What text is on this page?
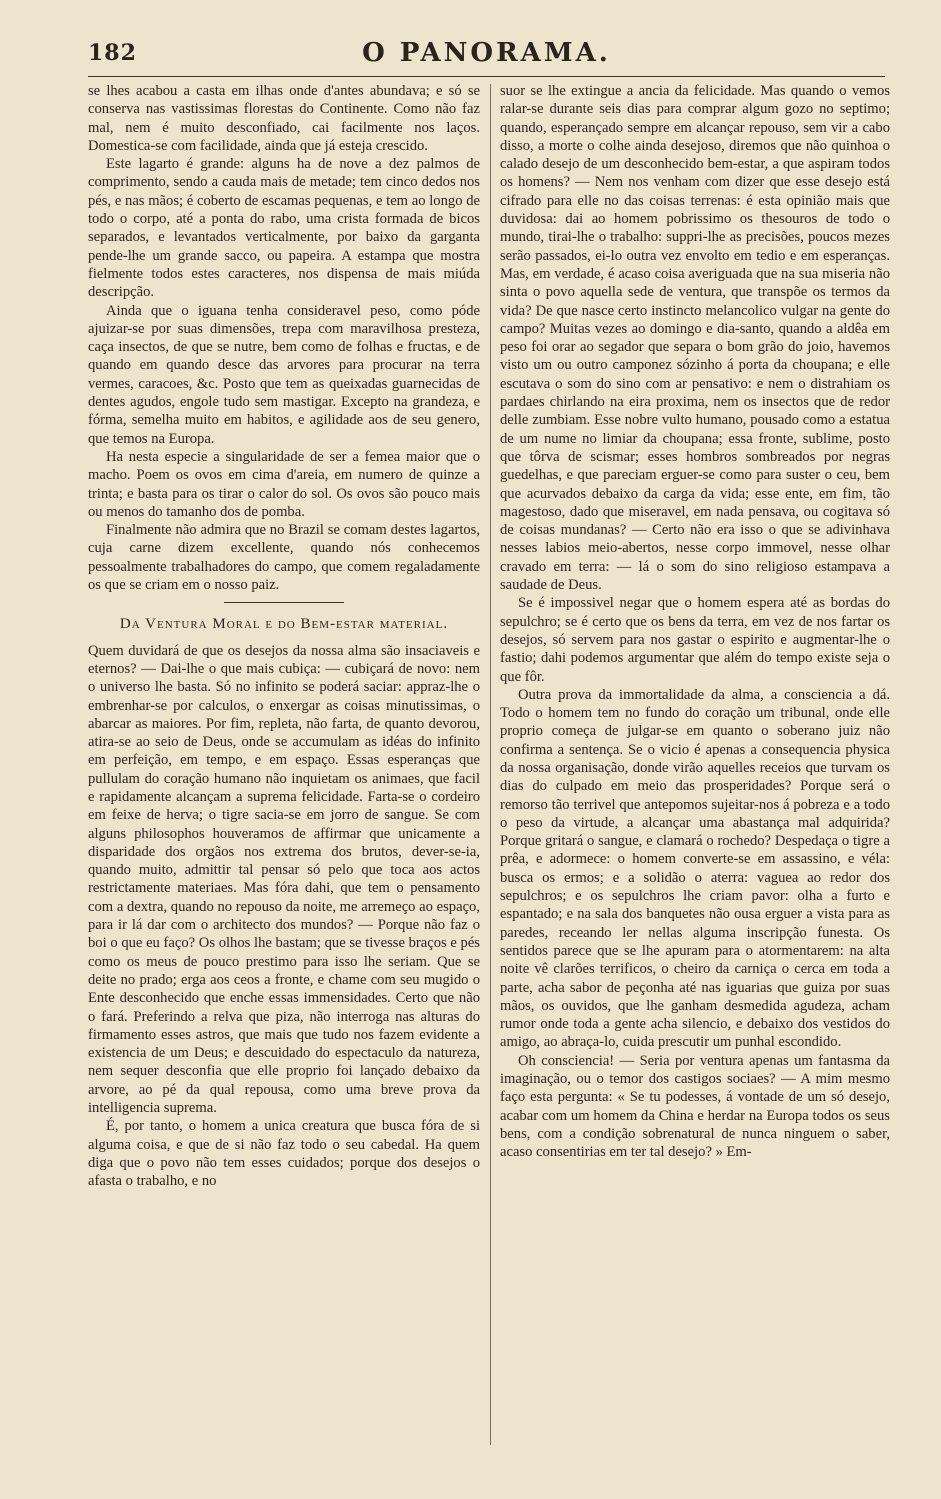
182	O PANORAMA.

se lhes acabou a casta em ilhas onde d'antes abundava; e só se conserva nas vastissimas florestas do Continente. Como não faz mal, nem é muito desconfiado, cai facilmente nos laços. Domestica-se com facilidade, ainda que já esteja crescido.

Este lagarto é grande: alguns ha de nove a dez palmos de comprimento, sendo a cauda mais de metade; tem cinco dedos nos pés, e nas mãos; é coberto de escamas pequenas, e tem ao longo de todo o corpo, até a ponta do rabo, uma crista formada de bicos separados, e levantados verticalmente, por baixo da garganta pende-lhe um grande sacco, ou papeira. A estampa que mostra fielmente todos estes caracteres, nos dispensa de mais miúda descripção.

Ainda que o iguana tenha consideravel peso, como póde ajuizar-se por suas dimensões, trepa com maravilhosa presteza, caça insectos, de que se nutre, bem como de folhas e fructas, e de quando em quando desce das arvores para procurar na terra vermes, caracoes, &c. Posto que tem as queixadas guarnecidas de dentes agudos, engole tudo sem mastigar. Excepto na grandeza, e fórma, semelha muito em habitos, e agilidade aos de seu genero, que temos na Europa.

Ha nesta especie a singularidade de ser a femea maior que o macho. Poem os ovos em cima d'areia, em numero de quinze a trinta; e basta para os tirar o calor do sol. Os ovos são pouco mais ou menos do tamanho dos de pomba.

Finalmente não admira que no Brazil se comam destes lagartos, cuja carne dizem excellente, quando nós conhecemos pessoalmente trabalhadores do campo, que comem regaladamente os que se criam em o nosso paiz.

Da Ventura Moral e do Bem-estar material.

Quem duvidará de que os desejos da nossa alma são insaciaveis e eternos? — Dai-lhe o que mais cubiça: — cubiçará de novo: nem o universo lhe basta. Só no infinito se poderá saciar: appraz-lhe o embrenhar-se por calculos, o enxergar as coisas minutissimas, o abarcar as maiores. Por fim, repleta, não farta, de quanto devorou, atira-se ao seio de Deus, onde se accumulam as idéas do infinito em perfeição, em tempo, e em espaço. Essas esperanças que pullulam do coração humano não inquietam os animaes, que facil e rapidamente alcançam a suprema felicidade. Farta-se o cordeiro em feixe de herva; o tigre sacia-se em jorro de sangue. Se com alguns philosophos houveramos de affirmar que unicamente a disparidade dos orgãos nos extrema dos brutos, dever-se-ia, quando muito, admittir tal pensar só pelo que toca aos actos restrictamente materiaes. Mas fóra dahi, que tem o pensamento com a dextra, quando no repouso da noite, me arremeço ao espaço, para ir lá dar com o architecto dos mundos? — Porque não faz o boi o que eu faço? Os olhos lhe bastam; que se tivesse braços e pés como os meus de pouco prestimo para isso lhe seriam. Que se deite no prado; erga aos ceos a fronte, e chame com seu mugido o Ente desconhecido que enche essas immensidades. Certo que não o fará. Preferindo a relva que piza, não interroga nas alturas do firmamento esses astros, que mais que tudo nos fazem evidente a existencia de um Deus; e descuidado do espectaculo da natureza, nem sequer desconfia que elle proprio foi lançado debaixo da arvore, ao pé da qual repousa, como uma breve prova da intelligencia suprema.

É, por tanto, o homem a unica creatura que busca fóra de si alguma coisa, e que de si não faz todo o seu cabedal. Ha quem diga que o povo não tem esses cuidados; porque dos desejos o afasta o trabalho, e no

suor se lhe extingue a ancia da felicidade. Mas quando o vemos ralar-se durante seis dias para comprar algum gozo no septimo; quando, esperançado sempre em alcançar repouso, sem vir a cabo disso, a morte o colhe ainda desejoso, diremos que não quinhoa o calado desejo de um desconhecido bem-estar, a que aspiram todos os homens? — Nem nos venham com dizer que esse desejo está cifrado para elle no das coisas terrenas: é esta opinião mais que duvidosa: dai ao homem pobrissimo os thesouros de todo o mundo, tirai-lhe o trabalho: suppri-lhe as precisões, poucos mezes serão passados, ei-lo outra vez envolto em tedio e em esperanças. Mas, em verdade, é acaso coisa averiguada que na sua miseria não sinta o povo aquella sede de ventura, que transpõe os termos da vida? De que nasce certo instincto melancolico vulgar na gente do campo? Muitas vezes ao domingo e dia-santo, quando a aldêa em peso foi orar ao segador que separa o bom grão do joio, havemos visto um ou outro camponez sózinho á porta da choupana; e elle escutava o som do sino com ar pensativo: e nem o distrahiam os pardaes chirlando na eira proxima, nem os insectos que de redor delle zumbiam. Esse nobre vulto humano, pousado como a estatua de um nume no limiar da choupana; essa fronte, sublime, posto que tôrva de scismar; esses hombros sombreados por negras guedelhas, e que pareciam erguer-se como para suster o ceu, bem que acurvados debaixo da carga da vida; esse ente, em fim, tão magestoso, dado que miseravel, em nada pensava, ou cogitava só de coisas mundanas? — Certo não era isso o que se adivinhava nesses labios meio-abertos, nesse corpo immovel, nesse olhar cravado em terra: — lá o som do sino religioso estampava a saudade de Deus.

Se é impossivel negar que o homem espera até as bordas do sepulchro; se é certo que os bens da terra, em vez de nos fartar os desejos, só servem para nos gastar o espirito e augmentar-lhe o fastio; dahi podemos argumentar que além do tempo existe seja o que fôr.

Outra prova da immortalidade da alma, a consciencia a dá. Todo o homem tem no fundo do coração um tribunal, onde elle proprio começa de julgar-se em quanto o soberano juiz não confirma a sentença. Se o vicio é apenas a consequencia physica da nossa organisação, donde virão aquelles receios que turvam os dias do culpado em meio das prosperidades? Porque será o remorso tão terrivel que antepomos sujeitar-nos á pobreza e a todo o peso da virtude, a alcançar uma abastança mal adquirida? Porque gritará o sangue, e clamará o rochedo? Despedaça o tigre a prêa, e adormece: o homem converte-se em assassino, e véla: busca os ermos; e a solidão o aterra: vaguea ao redor dos sepulchros; e os sepulchros lhe criam pavor: olha a furto e espantado; e na sala dos banquetes não ousa erguer a vista para as paredes, receando ler nellas alguma inscripção funesta. Os sentidos parece que se lhe apuram para o atormentarem: na alta noite vê clarões terrificos, o cheiro da carniça o cerca em toda a parte, acha sabor de peçonha até nas iguarias que guiza por suas mãos, os ouvidos, que lhe ganham desmedida agudeza, acham rumor onde toda a gente acha silencio, e debaixo dos vestidos do amigo, ao abraça-lo, cuida prescutir um punhal escondido.

Oh consciencia! — Seria por ventura apenas um fantasma da imaginação, ou o temor dos castigos sociaes? — A mim mesmo faço esta pergunta: « Se tu podesses, á vontade de um só desejo, acabar com um homem da China e herdar na Europa todos os seus bens, com a condição sobrenatural de nunca ninguem o saber, acaso consentirias em ter tal desejo? » Em-
